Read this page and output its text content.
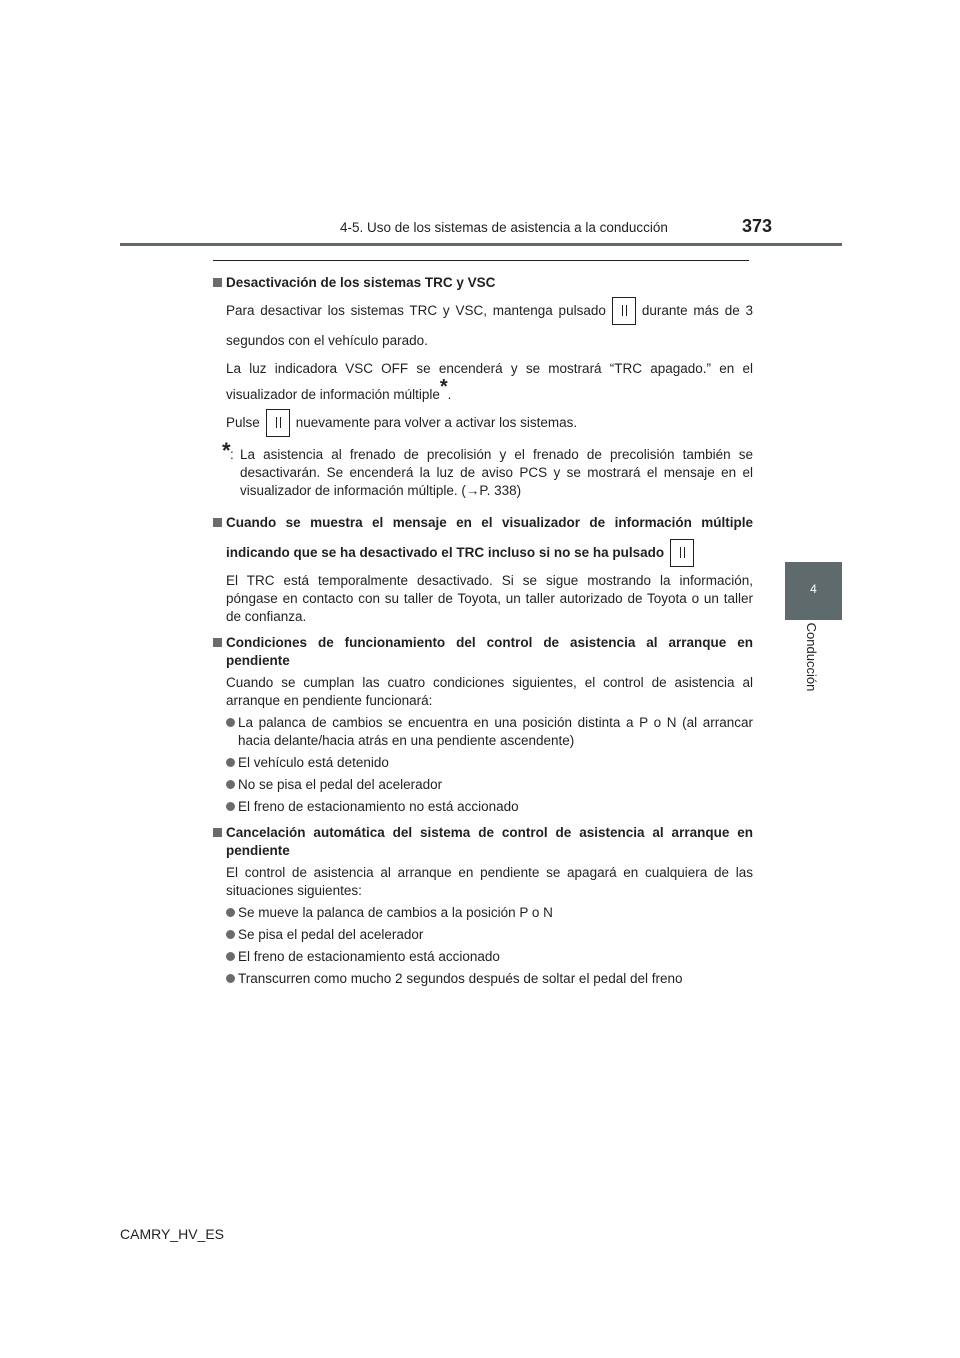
4-5. Uso de los sistemas de asistencia a la conducción	373
4
Conducción
Desactivación de los sistemas TRC y VSC
Para desactivar los sistemas TRC y VSC, mantenga pulsado	durante más de 3 segundos con el vehículo parado.
La luz indicadora VSC OFF se encenderá y se mostrará “TRC apagado.” en el visualizador de información múltiple*.
Pulse	nuevamente para volver a activar los sistemas.
* : La asistencia al frenado de precolisión y el frenado de precolisión también se desactivarán. Se encenderá la luz de aviso PCS y se mostrará el mensaje en el visualizador de información múltiple. (→P. 338)
Cuando se muestra el mensaje en el visualizador de información múltiple indicando que se ha desactivado el TRC incluso si no se ha pulsado
El TRC está temporalmente desactivado. Si se sigue mostrando la información, póngase en contacto con su taller de Toyota, un taller autorizado de Toyota o un taller de confianza.
Condiciones de funcionamiento del control de asistencia al arranque en pendiente
Cuando se cumplan las cuatro condiciones siguientes, el control de asistencia al arranque en pendiente funcionará:
La palanca de cambios se encuentra en una posición distinta a P o N (al arrancar hacia delante/hacia atrás en una pendiente ascendente)
El vehículo está detenido
No se pisa el pedal del acelerador
El freno de estacionamiento no está accionado
Cancelación automática del sistema de control de asistencia al arranque en pendiente
El control de asistencia al arranque en pendiente se apagará en cualquiera de las situaciones siguientes:
Se mueve la palanca de cambios a la posición P o N
Se pisa el pedal del acelerador
El freno de estacionamiento está accionado
Transcurren como mucho 2 segundos después de soltar el pedal del freno
CAMRY_HV_ES
